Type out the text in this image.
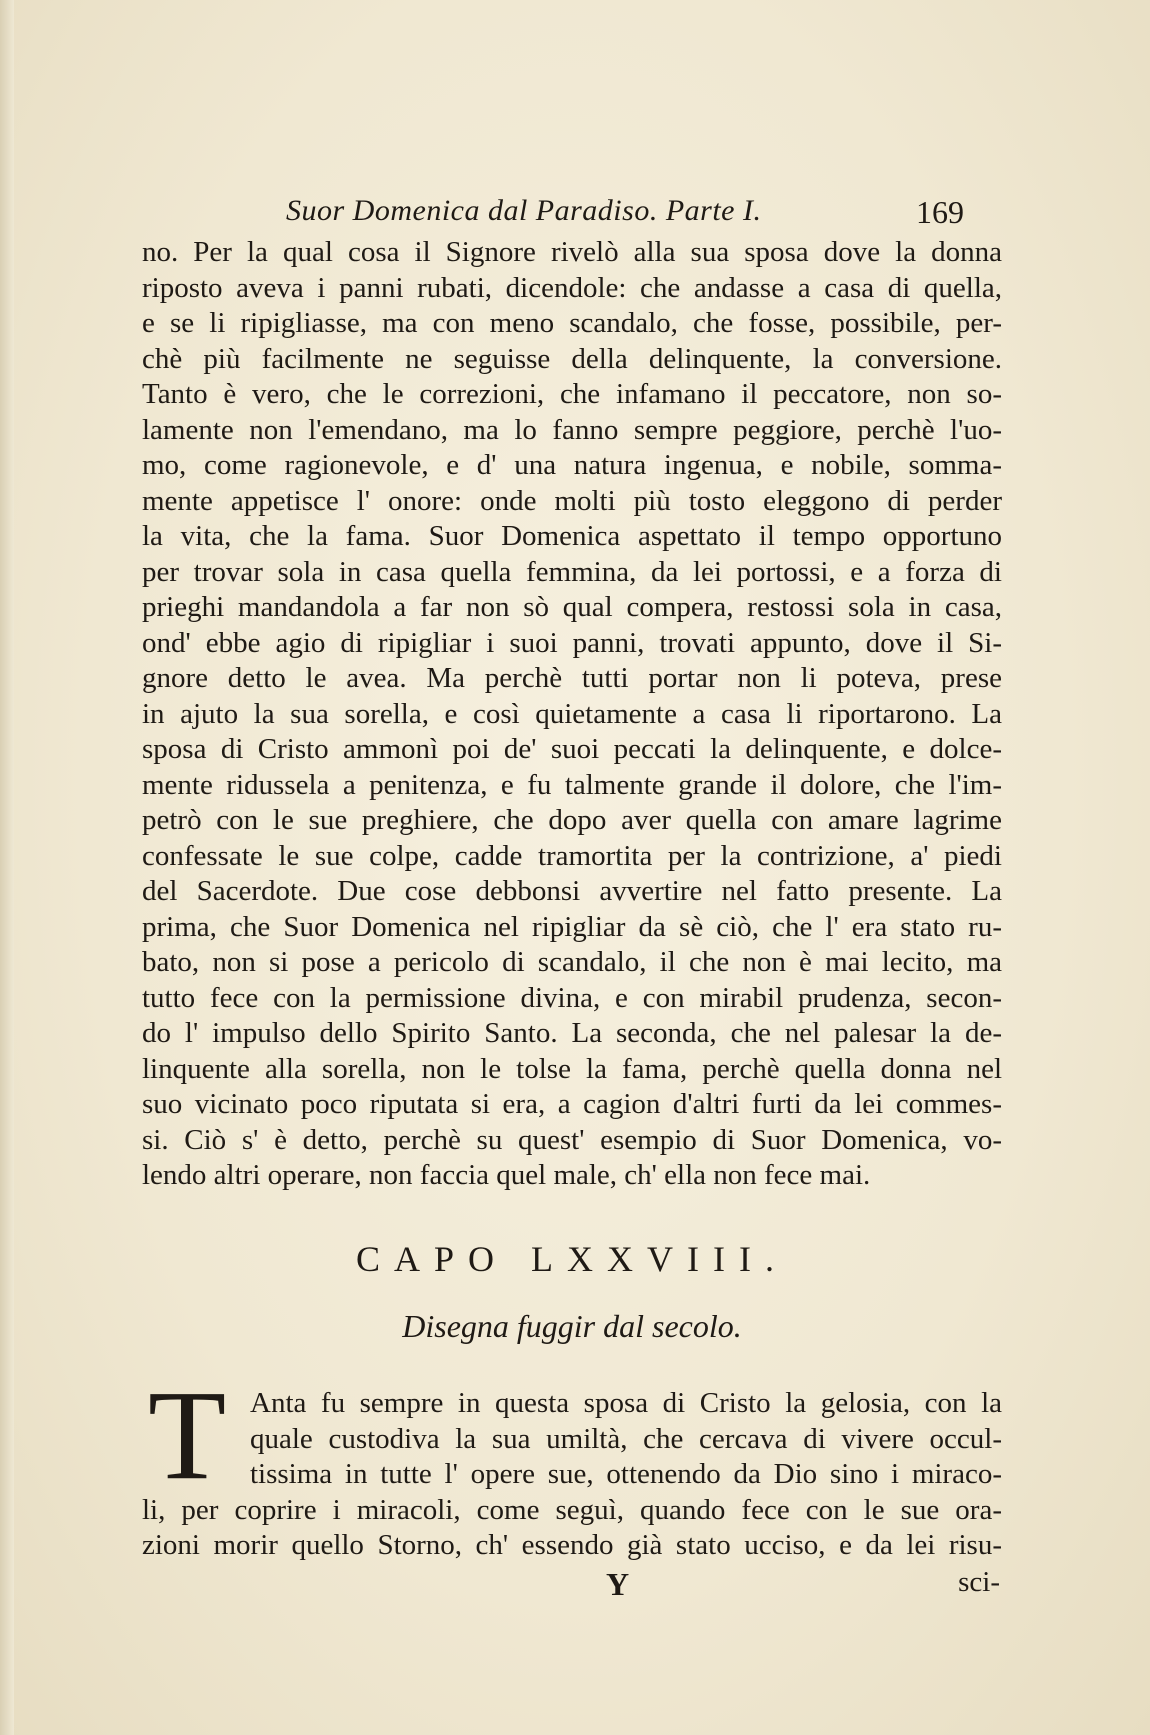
Suor Domenica dal Paradiso. Parte I.	169
no. Per la qual cosa il Signore rivelò alla sua sposa dove la donna
riposto aveva i panni rubati, dicendole: che andasse a casa di quella,
e se li ripigliasse, ma con meno scandalo, che fosse, possibile, per-
chè più facilmente ne seguisse della delinquente, la conversione.
Tanto è vero, che le correzioni, che infamano il peccatore, non so-
lamente non l'emendano, ma lo fanno sempre peggiore, perchè l'uo-
mo, come ragionevole, e d' una natura ingenua, e nobile, somma-
mente appetisce l' onore: onde molti più tosto eleggono di perder
la vita, che la fama. Suor Domenica aspettato il tempo opportuno
per trovar sola in casa quella femmina, da lei portossi, e a forza di
prieghi mandandola a far non sò qual compera, restossi sola in casa,
ond' ebbe agio di ripigliar i suoi panni, trovati appunto, dove il Si-
gnore detto le avea. Ma perchè tutti portar non li poteva, prese
in ajuto la sua sorella, e così quietamente a casa li riportarono. La
sposa di Cristo ammonì poi de' suoi peccati la delinquente, e dolce-
mente ridussela a penitenza, e fu talmente grande il dolore, che l'im-
petrò con le sue preghiere, che dopo aver quella con amare lagrime
confessate le sue colpe, cadde tramortita per la contrizione, a' piedi
del Sacerdote. Due cose debbonsi avvertire nel fatto presente. La
prima, che Suor Domenica nel ripigliar da sè ciò, che l' era stato ru-
bato, non si pose a pericolo di scandalo, il che non è mai lecito, ma
tutto fece con la permissione divina, e con mirabil prudenza, secon-
do l' impulso dello Spirito Santo. La seconda, che nel palesar la de-
linquente alla sorella, non le tolse la fama, perchè quella donna nel
suo vicinato poco riputata si era, a cagion d'altri furti da lei commes-
si. Ciò s' è detto, perchè su quest' esempio di Suor Domenica, vo-
lendo altri operare, non faccia quel male, ch' ella non fece mai.
CAPO LXXVIII.
Disegna fuggir dal secolo.
T Anta fu sempre in questa sposa di Cristo la gelosia, con la
quale custodiva la sua umiltà, che cercava di vivere occul-
tissima in tutte l' opere sue, ottenendo da Dio sino i miraco-
li, per coprire i miracoli, come seguì, quando fece con le sue ora-
zioni morir quello Storno, ch' essendo già stato ucciso, e da lei risu-
Y	sci-
